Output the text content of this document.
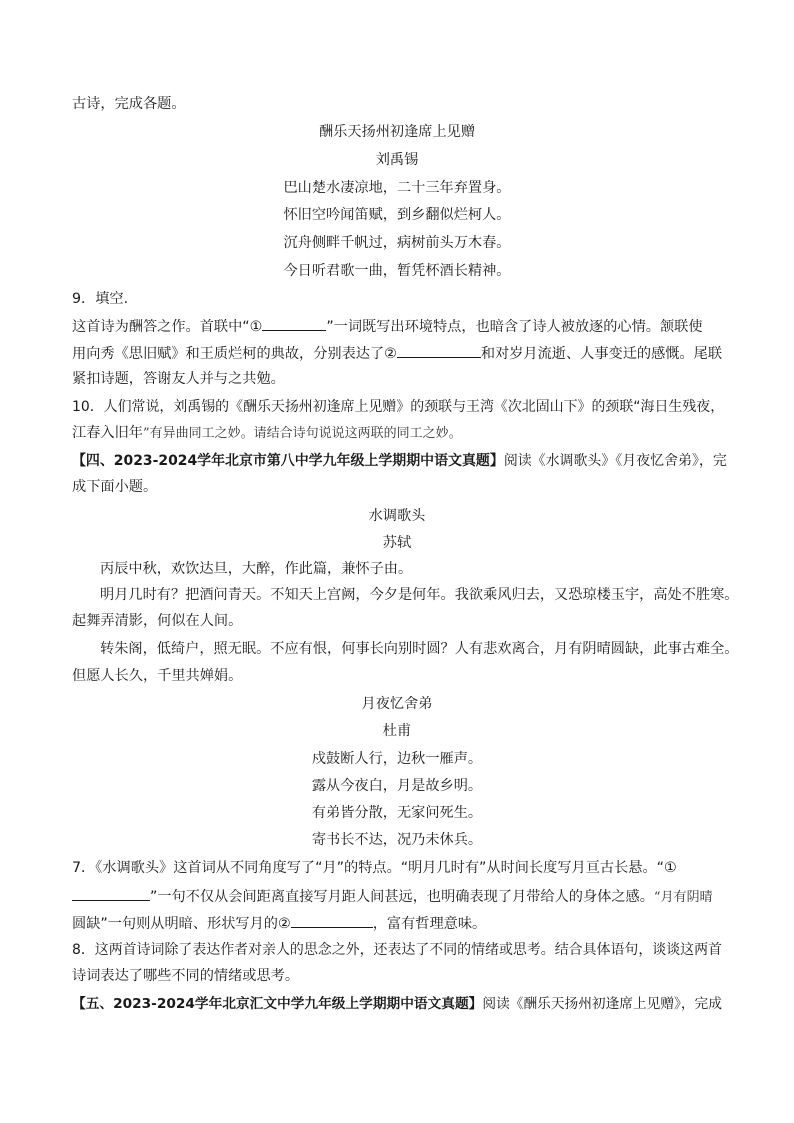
古诗，完成各题。
酬乐天扬州初逢席上见赠
刘禹锡
巴山楚水凄凉地，二十三年弃置身。
怀旧空吟闻笛赋，到乡翻似烂柯人。
沉舟侧畔千帆过，病树前头万木春。
今日听君歌一曲，暂凭杯酒长精神。
9．填空.
这首诗为酬答之作。首联中“①	”一词既写出环境特点，也暗含了诗人被放逐的心情。颔联使
用向秀《思旧赋》和王质烂柯的典故，分别表达了②	和对岁月流逝、人事变迁的感慨。尾联
紧扣诗题，答谢友人并与之共勉。
10．人们常说，刘禹锡的《酬乐天扬州初逢席上见赠》的颈联与王湾《次北固山下》的颈联“海日生残夜，
江春入旧年”有异曲同工之妙。请结合诗句说说这两联的同工之妙。
【四、2023-2024学年北京市第八中学九年级上学期期中语文真题】阅读《水调歌头》《月夜忆舍弟》，完
成下面小题。
水调歌头
苏轼
丙辰中秋，欢饮达旦，大醉，作此篇，兼怀子由。
明月几时有？把酒问青天。不知天上宫阙，今夕是何年。我欲乘风归去，又恐琼楼玉宇，高处不胜寒。
起舞弄清影，何似在人间。
转朱阁，低绮户，照无眠。不应有恨，何事长向别时圆？人有悲欢离合，月有阴晴圆缺，此事古难全。
但愿人长久，千里共婵娟。
月夜忆舍弟
杜甫
戍鼓断人行，边秋一雁声。
露从今夜白，月是故乡明。
有弟皆分散，无家问死生。
寄书长不达，况乃未休兵。
7．《水调歌头》这首词从不同角度写了“月”的特点。“明月几时有”从时间长度写月亘古长悬。“①
”一句不仅从会间距离直接写月距人间甚远，也明确表现了月带给人的身体之感。“月有阴晴
圆缺”一句则从明暗、形状写月的②	，富有哲理意味。
8．这两首诗词除了表达作者对亲人的思念之外，还表达了不同的情绪或思考。结合具体语句，谈谈这两首
诗词表达了哪些不同的情绪或思考。
【五、2023-2024学年北京汇文中学九年级上学期期中语文真题】阅读《酬乐天扬州初逢席上见赠》，完成
